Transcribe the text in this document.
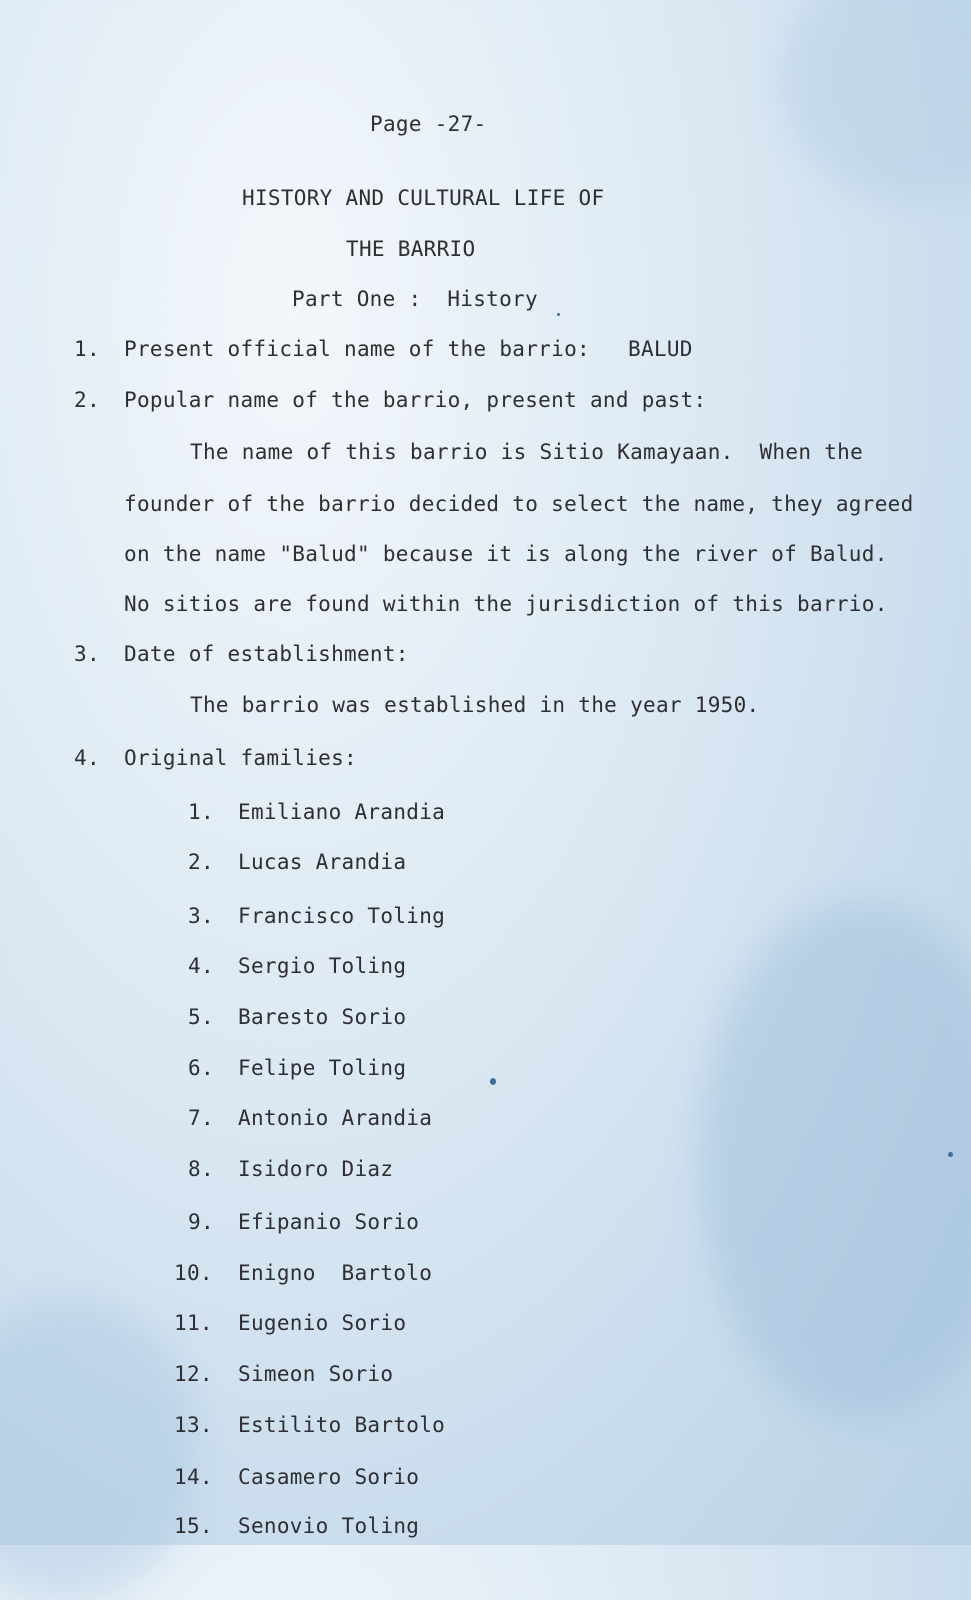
Page -27-
HISTORY AND CULTURAL LIFE OF
THE BARRIO
Part One :  History
1. Present official name of the barrio: BALUD
2. Popular name of the barrio, present and past:
The name of this barrio is Sitio Kamayaan.  When the
founder of the barrio decided to select the name, they agreed
on the name "Balud" because it is along the river of Balud.
No sitios are found within the jurisdiction of this barrio.
3. Date of establishment:
The barrio was established in the year 1950.
4. Original families:
1. Emiliano Arandia
2. Lucas Arandia
3. Francisco Toling
4. Sergio Toling
5. Baresto Sorio
6. Felipe Toling
7. Antonio Arandia
8. Isidoro Diaz
9. Efipanio Sorio
10. Enigno  Bartolo
11. Eugenio Sorio
12. Simeon Sorio
13. Estilito Bartolo
14. Casamero Sorio
15. Senovio Toling
